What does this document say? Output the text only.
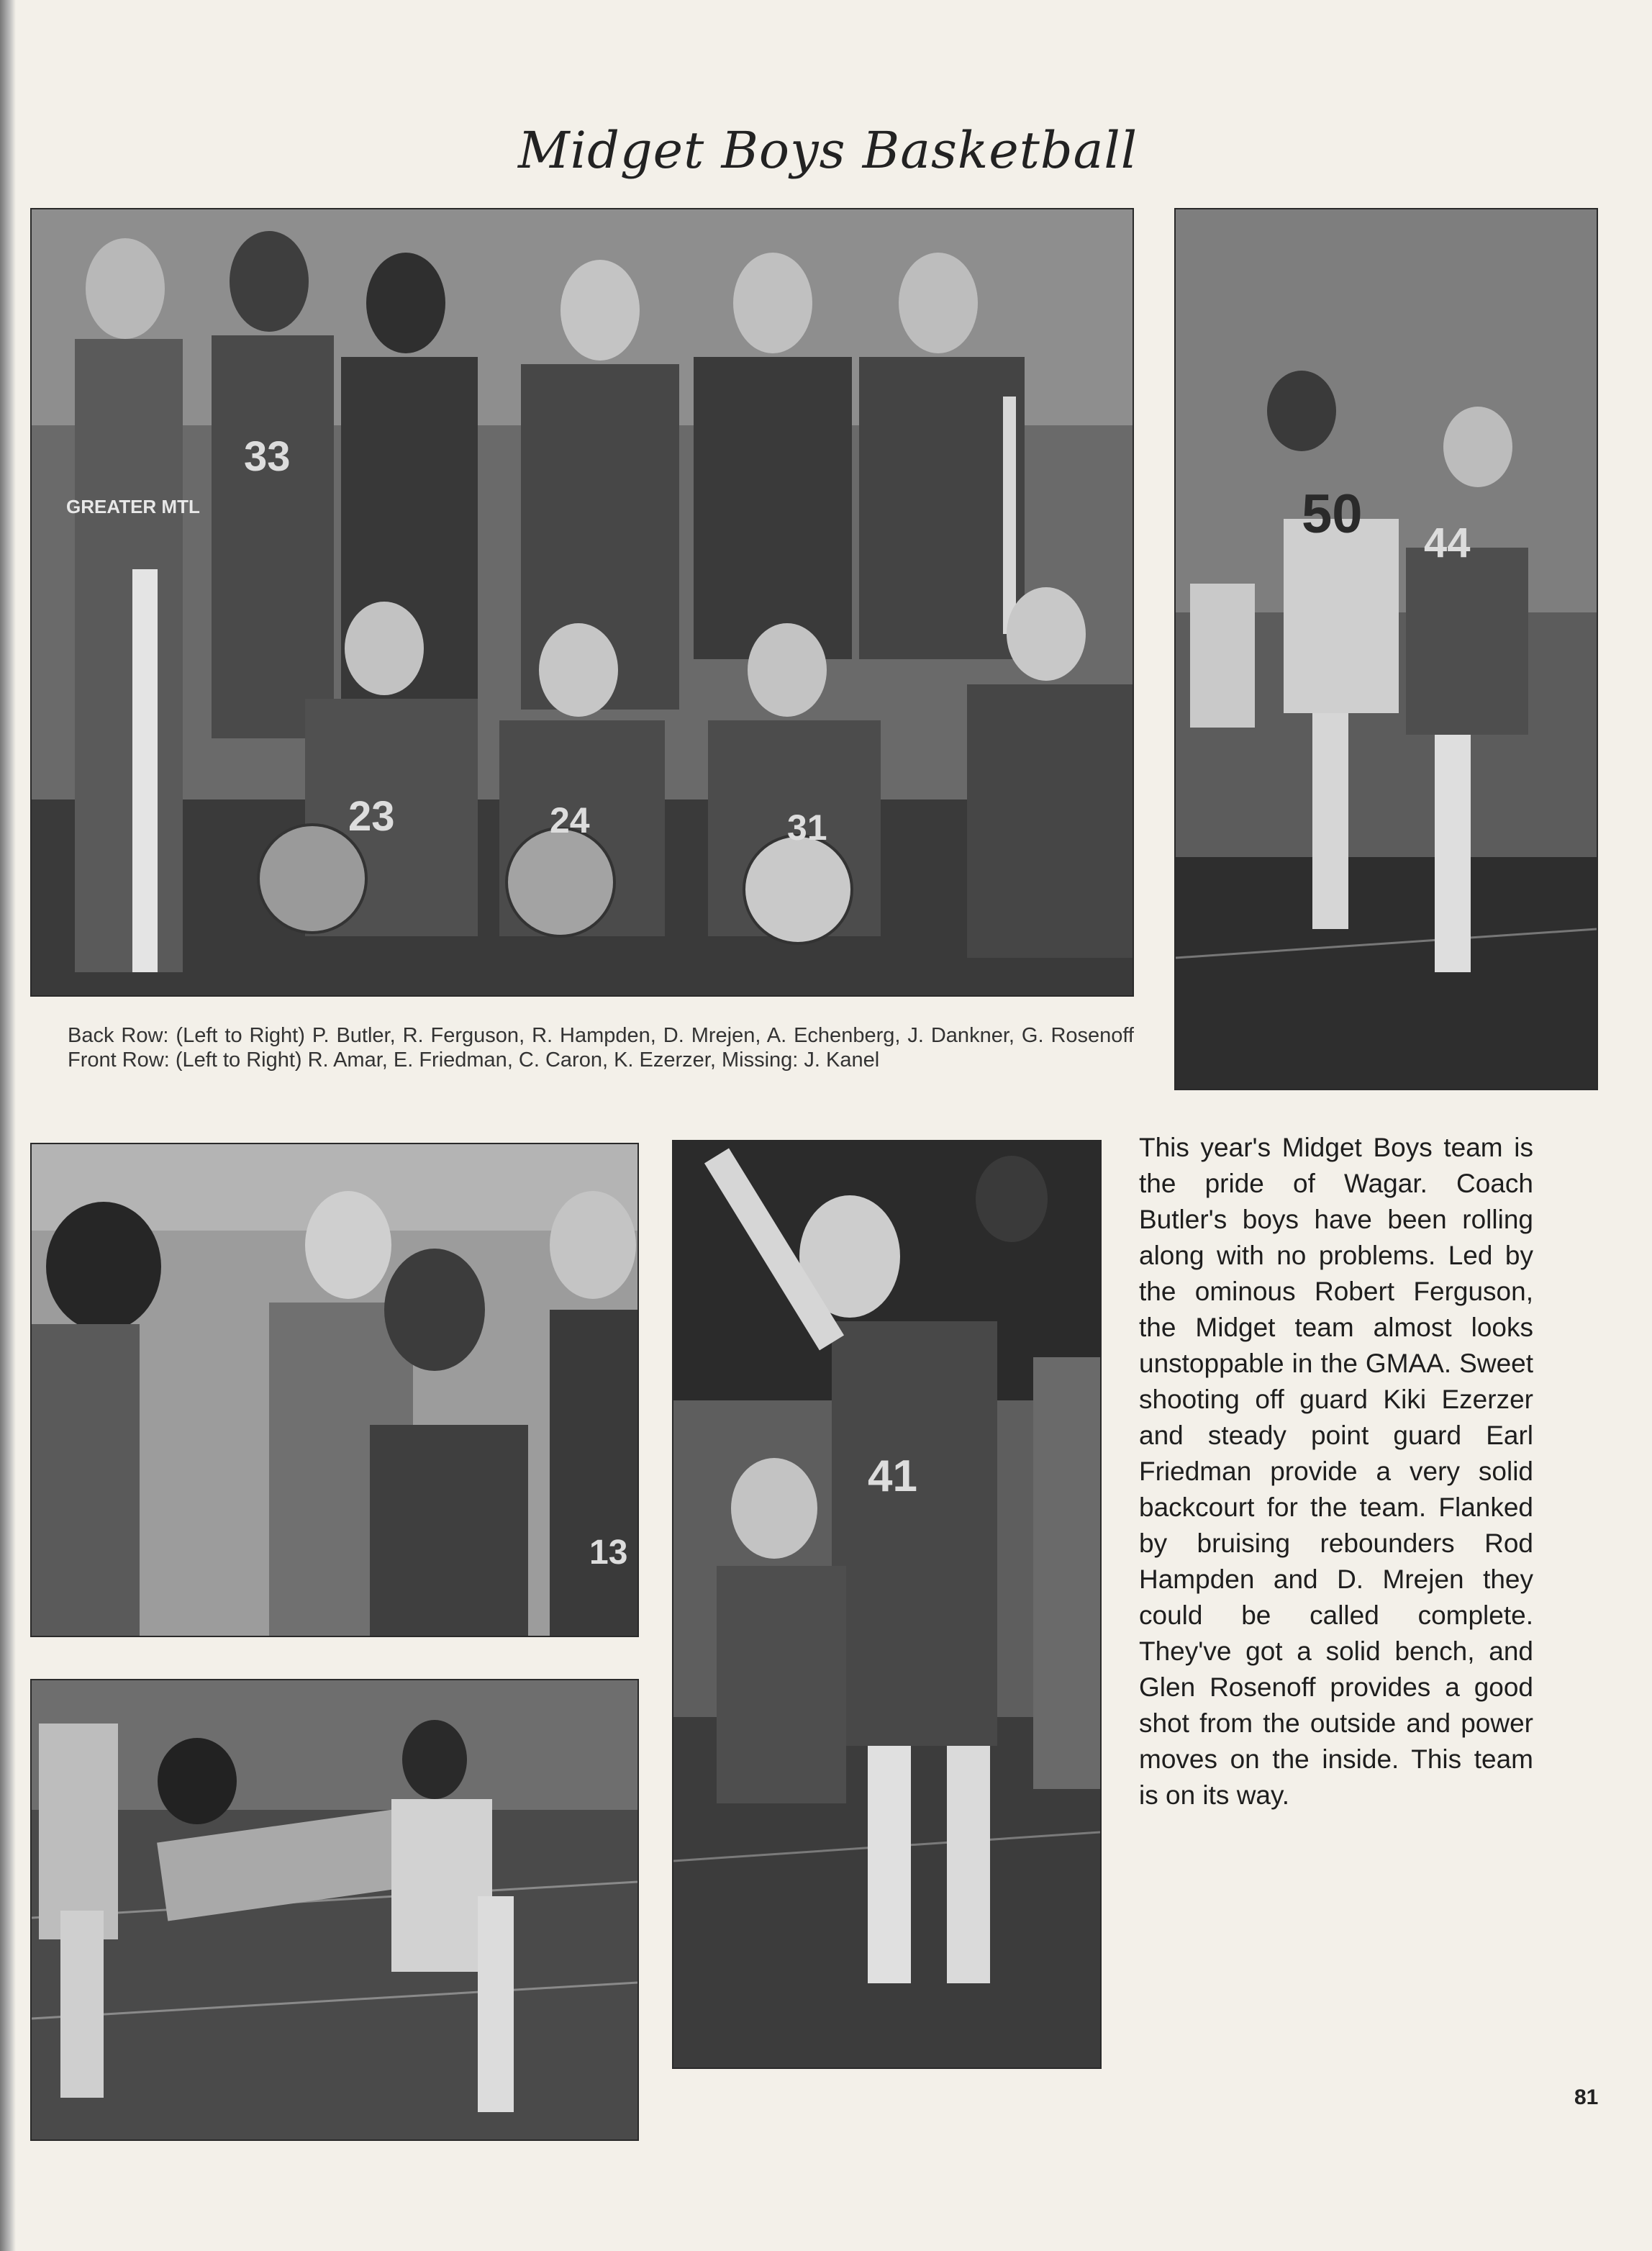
Midget Boys Basketball
GREATER MTL
33
23	24	31
Back Row: (Left to Right) P. Butler, R. Ferguson, R. Hampden, D. Mrejen, A. Echenberg, J. Dankner, G. Rosenoff Front Row: (Left to Right) R. Amar, E. Friedman, C. Caron, K. Ezerzer, Missing: J. Kanel
50 44
13
41
This year's Midget Boys team is the pride of Wagar. Coach Butler's boys have been rolling along with no problems. Led by the ominous Robert Ferguson, the Midget team almost looks unstoppable in the GMAA. Sweet shooting off guard Kiki Ezerzer and steady point guard Earl Friedman provide a very solid backcourt for the team. Flanked by bruising rebounders Rod Hampden and D. Mrejen they could be called complete. They've got a solid bench, and Glen Rosenoff provides a good shot from the outside and power moves on the inside. This team is on its way.
81
